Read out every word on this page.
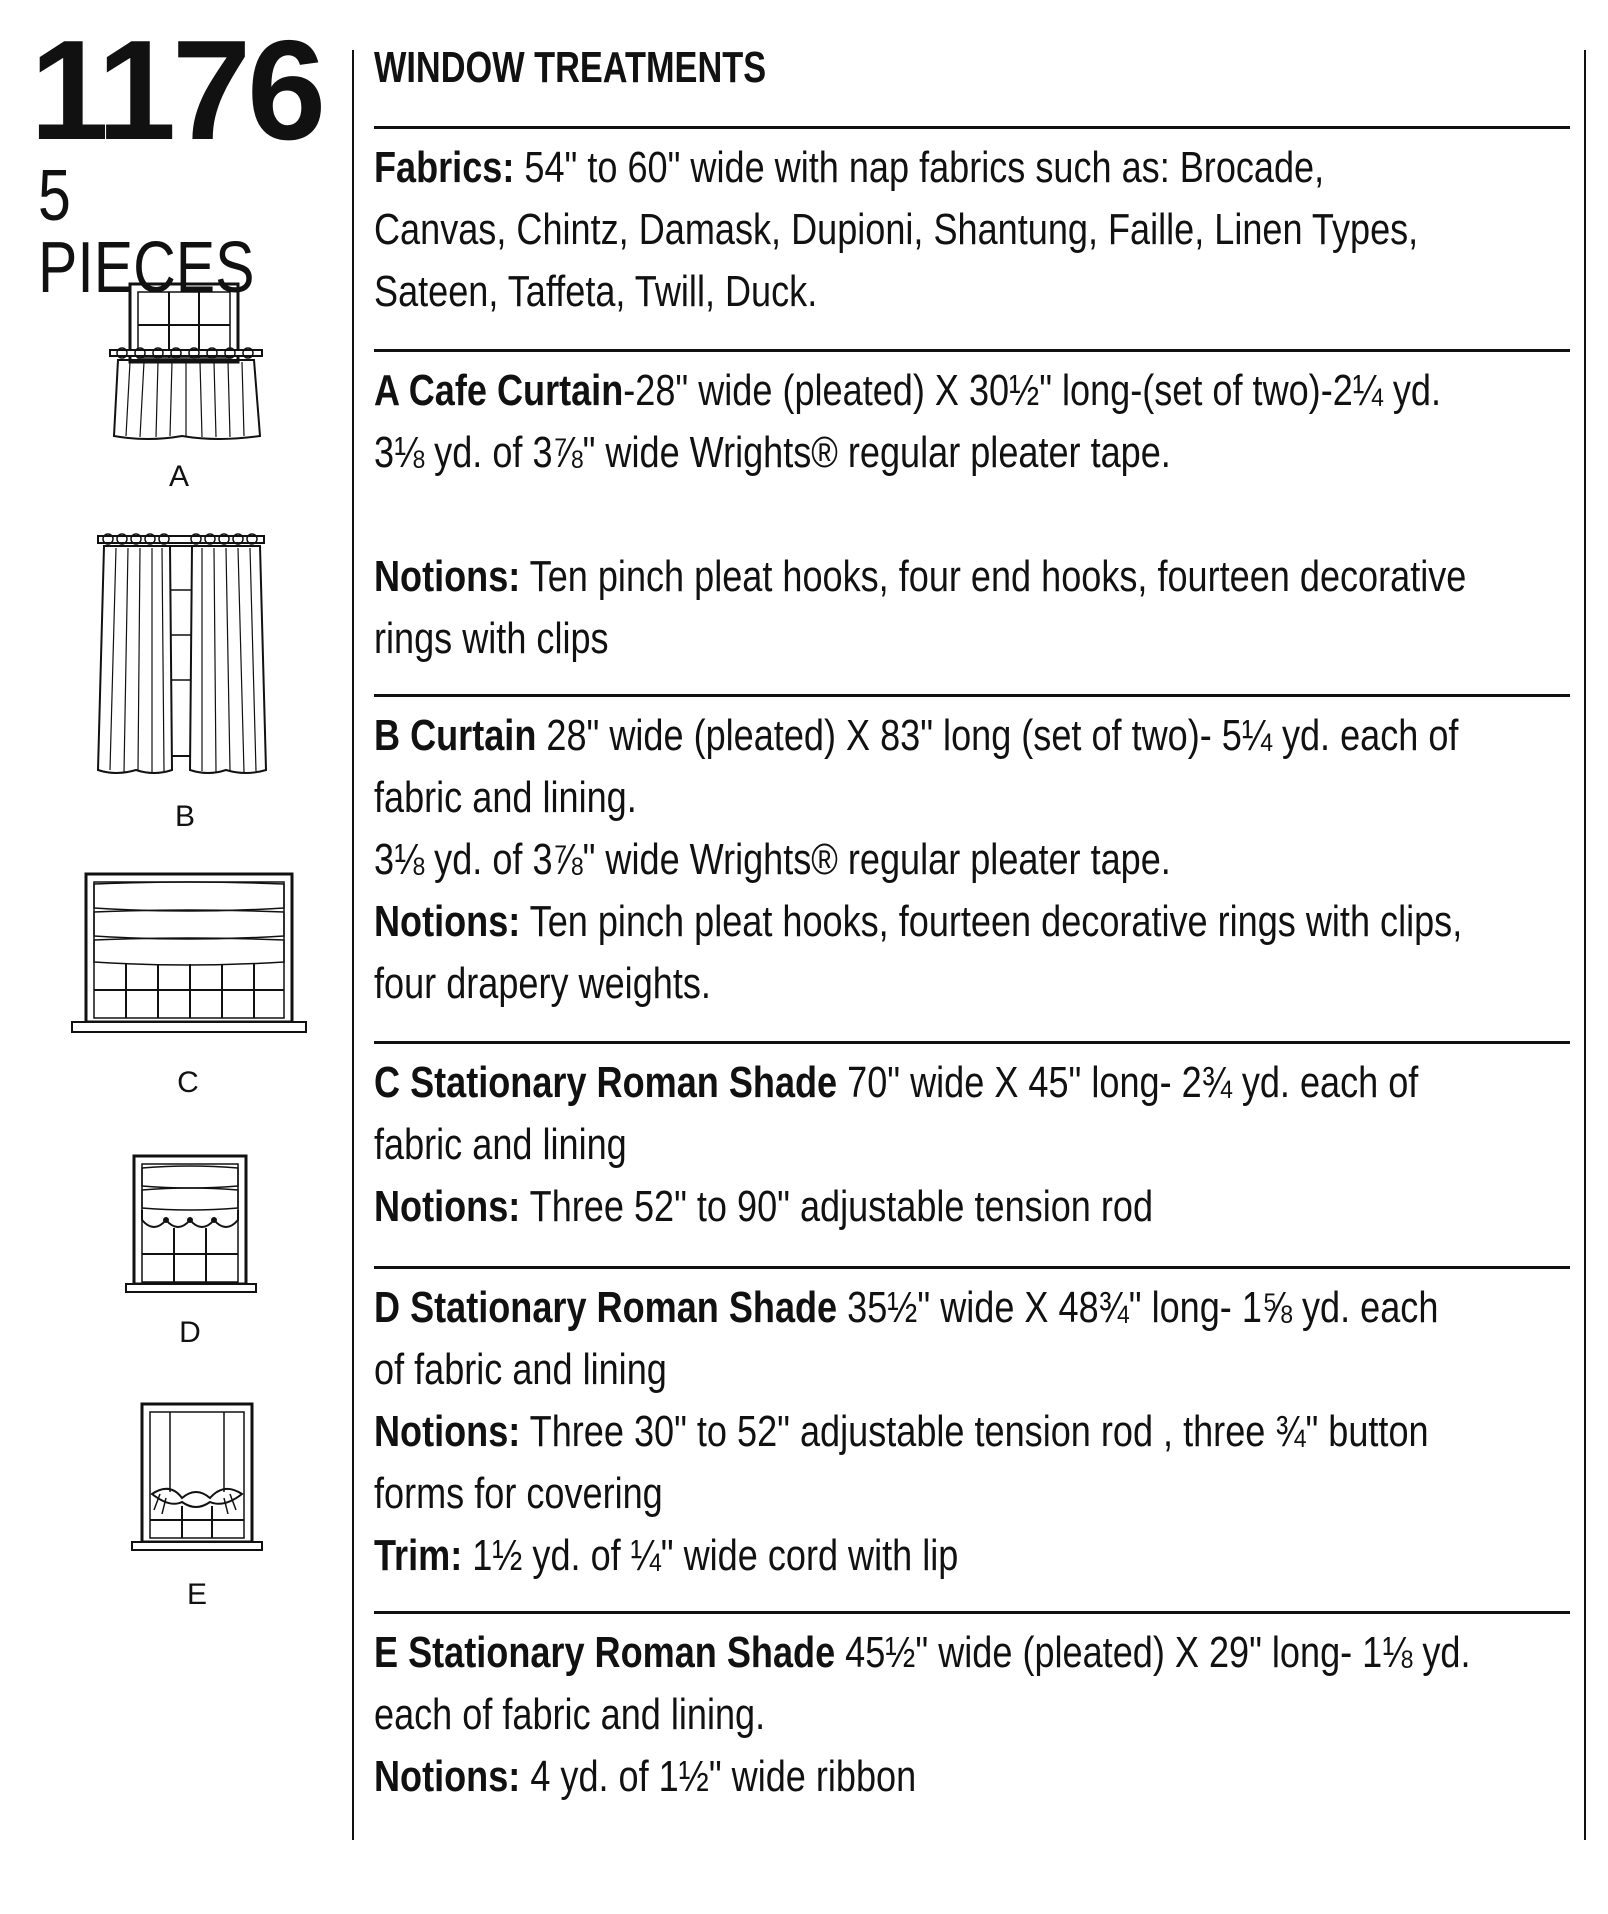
1176
5 PIECES
A
B
C
D
E
WINDOW TREATMENTS

Fabrics: 54" to 60" wide with nap fabrics such as: Brocade,

Canvas, Chintz, Damask, Dupioni, Shantung, Faille, Linen Types,

Sateen, Taffeta, Twill, Duck.

A Cafe Curtain-28" wide (pleated) X 30½" long-(set of two)-2¼ yd.

3⅛ yd. of 3⅞" wide Wrights® regular pleater tape.

Notions: Ten pinch pleat hooks, four end hooks, fourteen decorative

rings with clips

B Curtain 28" wide (pleated) X 83" long (set of two)- 5¼ yd. each of

fabric and lining.

3⅛ yd. of 3⅞" wide Wrights® regular pleater tape.

Notions: Ten pinch pleat hooks, fourteen decorative rings with clips,

four drapery weights.

C Stationary Roman Shade 70" wide X 45" long- 2¾ yd. each of

fabric and lining

Notions: Three 52" to 90" adjustable tension rod

D Stationary Roman Shade 35½" wide X 48¾" long- 1⅝ yd. each

of fabric and lining

Notions: Three 30" to 52" adjustable tension rod , three ¾" button

forms for covering

Trim: 1½ yd. of ¼" wide cord with lip

E Stationary Roman Shade 45½" wide (pleated) X 29" long- 1⅛ yd.

each of fabric and lining.

Notions: 4 yd. of 1½" wide ribbon
